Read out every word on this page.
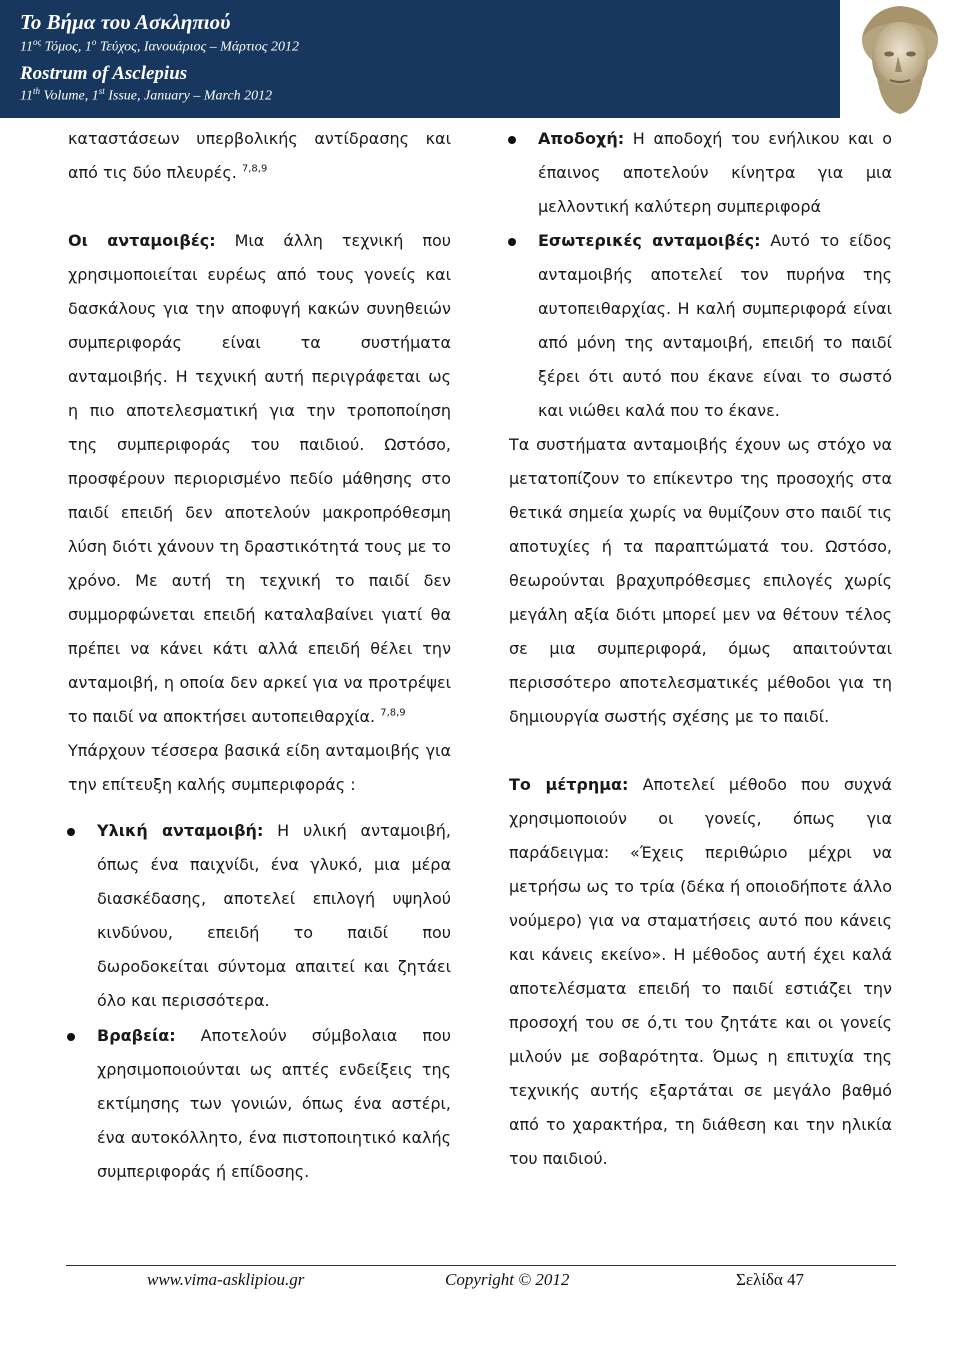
Το Βήμα του Ασκληπιού
$11^{o\varsigma}$ Τόμος, $1^o$ Τεύχος, Ιανουάριος – Μάρτιος 2012
Rostrum of Asclepius
11th Volume, 1st Issue, January – March 2012

καταστάσεων υπερβολικής αντίδρασης και από τις δύο πλευρές. $^{7,8,9}$

Οι ανταμοιβές: Μια άλλη τεχνική που χρησιμοποιείται ευρέως από τους γονείς και δασκάλους για την αποφυγή κακών συνηθειών συμπεριφοράς είναι τα συστήματα ανταμοιβής. Η τεχνική αυτή περιγράφεται ως η πιο αποτελεσματική για την τροποποίηση της συμπεριφοράς του παιδιού. Ωστόσο, προσφέρουν περιορισμένο πεδίο μάθησης στο παιδί επειδή δεν αποτελούν μακροπρόθεσμη λύση διότι χάνουν τη δραστικότητά τους με το χρόνο. Με αυτή τη τεχνική το παιδί δεν συμμορφώνεται επειδή καταλαβαίνει γιατί θα πρέπει να κάνει κάτι αλλά επειδή θέλει την ανταμοιβή, η οποία δεν αρκεί για να προτρέψει το παιδί να αποκτήσει αυτοπειθαρχία. $^{7,8,9}$

Υπάρχουν τέσσερα βασικά είδη ανταμοιβής για την επίτευξη καλής συμπεριφοράς :

Υλική ανταμοιβή: Η υλική ανταμοιβή, όπως ένα παιχνίδι, ένα γλυκό, μια μέρα διασκέδασης, αποτελεί επιλογή υψηλού κινδύνου, επειδή το παιδί που δωροδοκείται σύντομα απαιτεί και ζητάει όλο και περισσότερα.

Βραβεία: Αποτελούν σύμβολαια που χρησιμοποιούνται ως απτές ενδείξεις της εκτίμησης των γονιών, όπως ένα αστέρι, ένα αυτοκόλλητο, ένα πιστοποιητικό καλής συμπεριφοράς ή επίδοσης.

Αποδοχή: Η αποδοχή του ενήλικου και ο έπαινος αποτελούν κίνητρα για μια μελλοντική καλύτερη συμπεριφορά

Εσωτερικές ανταμοιβές: Αυτό το είδος ανταμοιβής αποτελεί τον πυρήνα της αυτοπειθαρχίας. Η καλή συμπεριφορά είναι από μόνη της ανταμοιβή, επειδή το παιδί ξέρει ότι αυτό που έκανε είναι το σωστό και νιώθει καλά που το έκανε.

Τα συστήματα ανταμοιβής έχουν ως στόχο να μετατοπίζουν το επίκεντρο της προσοχής στα θετικά σημεία χωρίς να θυμίζουν στο παιδί τις αποτυχίες ή τα παραπτώματά του. Ωστόσο, θεωρούνται βραχυπρόθεσμες επιλογές χωρίς μεγάλη αξία διότι μπορεί μεν να θέτουν τέλος σε μια συμπεριφορά, όμως απαιτούνται περισσότερο αποτελεσματικές μέθοδοι για τη δημιουργία σωστής σχέσης με το παιδί.

Το μέτρημα: Αποτελεί μέθοδο που συχνά χρησιμοποιούν οι γονείς, όπως για παράδειγμα: «Έχεις περιθώριο μέχρι να μετρήσω ως το τρία (δέκα ή οποιοδήποτε άλλο νούμερο) για να σταματήσεις αυτό που κάνεις και κάνεις εκείνο». Η μέθοδος αυτή έχει καλά αποτελέσματα επειδή το παιδί εστιάζει την προσοχή του σε ό,τι του ζητάτε και οι γονείς μιλούν με σοβαρότητα. Όμως η επιτυχία της τεχνικής αυτής εξαρτάται σε μεγάλο βαθμό από το χαρακτήρα, τη διάθεση και την ηλικία του παιδιού.

www.vima-asklipiou.gr	Copyright © 2012	Σελίδα 47
